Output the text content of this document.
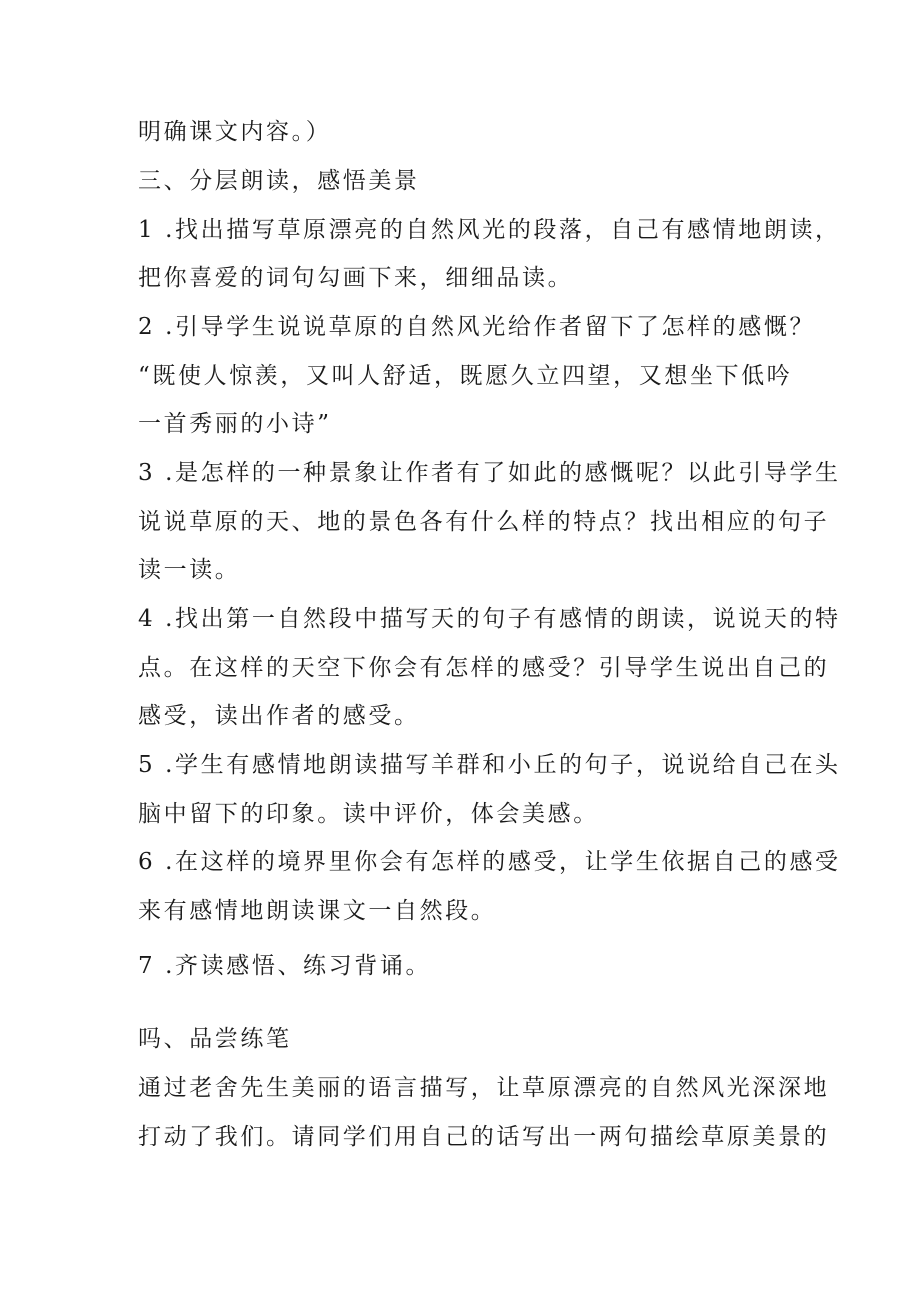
明确课文内容。）
三、分层朗读，感悟美景
1 .找出描写草原漂亮的自然风光的段落，自己有感情地朗读，
把你喜爱的词句勾画下来，细细品读。
2 .引导学生说说草原的自然风光给作者留下了怎样的感慨？
“既使人惊羡，又叫人舒适，既愿久立四望，又想坐下低吟
一首秀丽的小诗”
3 .是怎样的一种景象让作者有了如此的感慨呢？以此引导学生
说说草原的天、地的景色各有什么样的特点？找出相应的句子
读一读。
4 .找出第一自然段中描写天的句子有感情的朗读，说说天的特
点。在这样的天空下你会有怎样的感受？引导学生说出自己的
感受，读出作者的感受。
5 .学生有感情地朗读描写羊群和小丘的句子，说说给自己在头
脑中留下的印象。读中评价，体会美感。
6 .在这样的境界里你会有怎样的感受，让学生依据自己的感受
来有感情地朗读课文一自然段。
7 .齐读感悟、练习背诵。
吗、品尝练笔
通过老舍先生美丽的语言描写，让草原漂亮的自然风光深深地
打动了我们。请同学们用自己的话写出一两句描绘草原美景的
